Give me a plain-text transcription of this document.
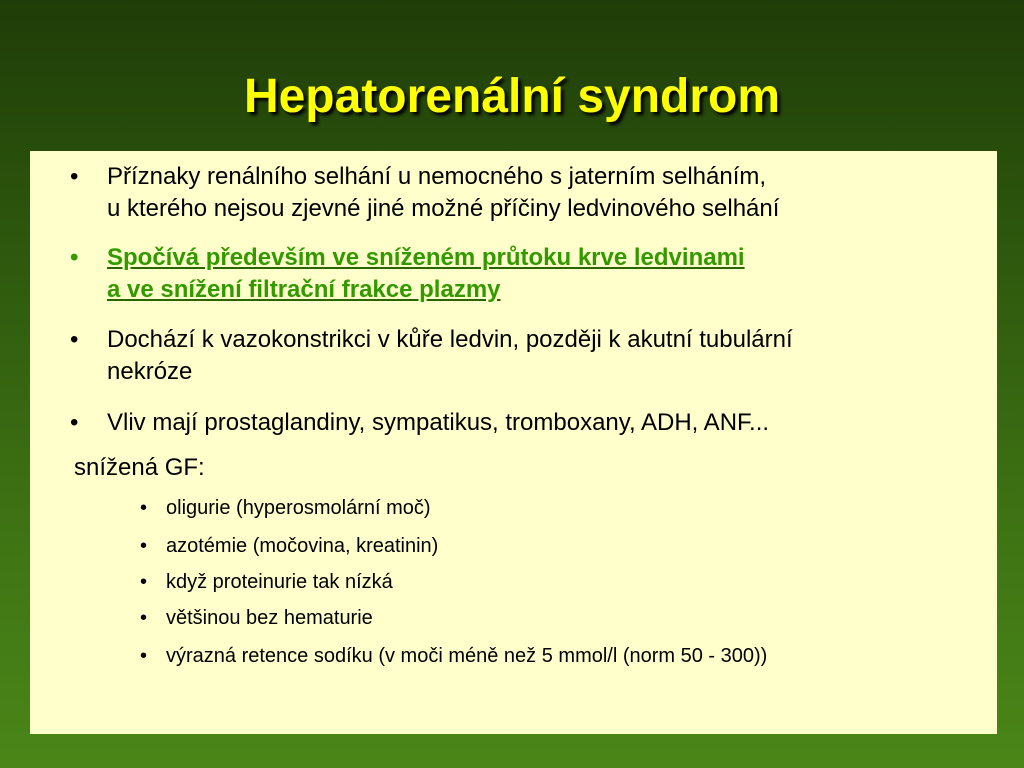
Hepatorenální syndrom
•	Příznaky renálního selhání u nemocného s jaterním selháním,
u kterého nejsou zjevné jiné možné příčiny ledvinového selhání
•	Spočívá především ve sníženém průtoku krve ledvinami
a ve snížení filtrační frakce plazmy
•	Dochází k vazokonstrikci v kůře ledvin, později k akutní tubulární
nekróze
•	Vliv mají prostaglandiny, sympatikus, tromboxany, ADH, ANF...
snížená GF:
• oligurie (hyperosmolární moč)
• azotémie (močovina, kreatinin)
• když proteinurie tak nízká
• většinou bez hematurie
• výrazná retence sodíku (v moči méně než 5 mmol/l (norm 50 - 300))
